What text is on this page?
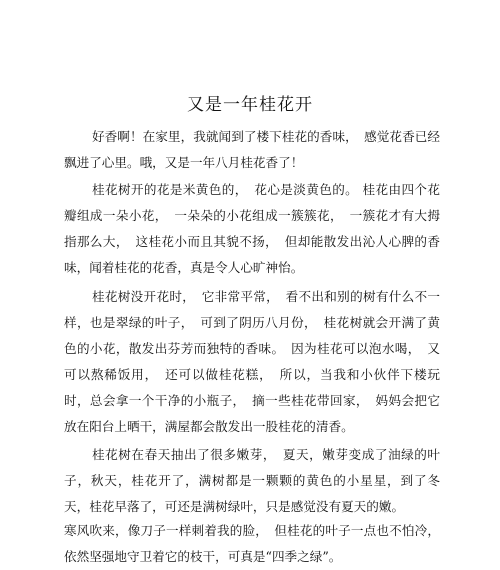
又是一年桂花开

好香啊！在家里，我就闻到了楼下桂花的香味，　感觉花香已经飘进了心里。哦，又是一年八月桂花香了！

桂花树开的花是米黄色的，　花心是淡黄色的。 桂花由四个花瓣组成一朵小花，　一朵朵的小花组成一簇簇花，　一簇花才有大拇指那么大，　这桂花小而且其貌不扬，　但却能散发出沁人心脾的香味，闻着桂花的花香，真是令人心旷神怡。

桂花树没开花时，　它非常平常，　看不出和别的树有什么不一样，也是翠绿的叶子，　可到了阴历八月份，　桂花树就会开满了黄色的小花，散发出芬芳而独特的香味。　因为桂花可以泡水喝，　又可以熬稀饭用，　还可以做桂花糕，　所以，当我和小伙伴下楼玩时，总会拿一个干净的小瓶子，　摘一些桂花带回家，　妈妈会把它放在阳台上晒干，满屋都会散发出一股桂花的清香。

桂花树在春天抽出了很多嫩芽，　夏天，嫩芽变成了油绿的叶子，秋天，桂花开了，满树都是一颗颗的黄色的小星星，到了冬天，桂花早落了，可还是满树绿叶，只是感觉没有夏天的嫩。

寒风吹来，像刀子一样刺着我的脸，　但桂花的叶子一点也不怕冷，依然坚强地守卫着它的枝干，可真是“四季之绿”。
